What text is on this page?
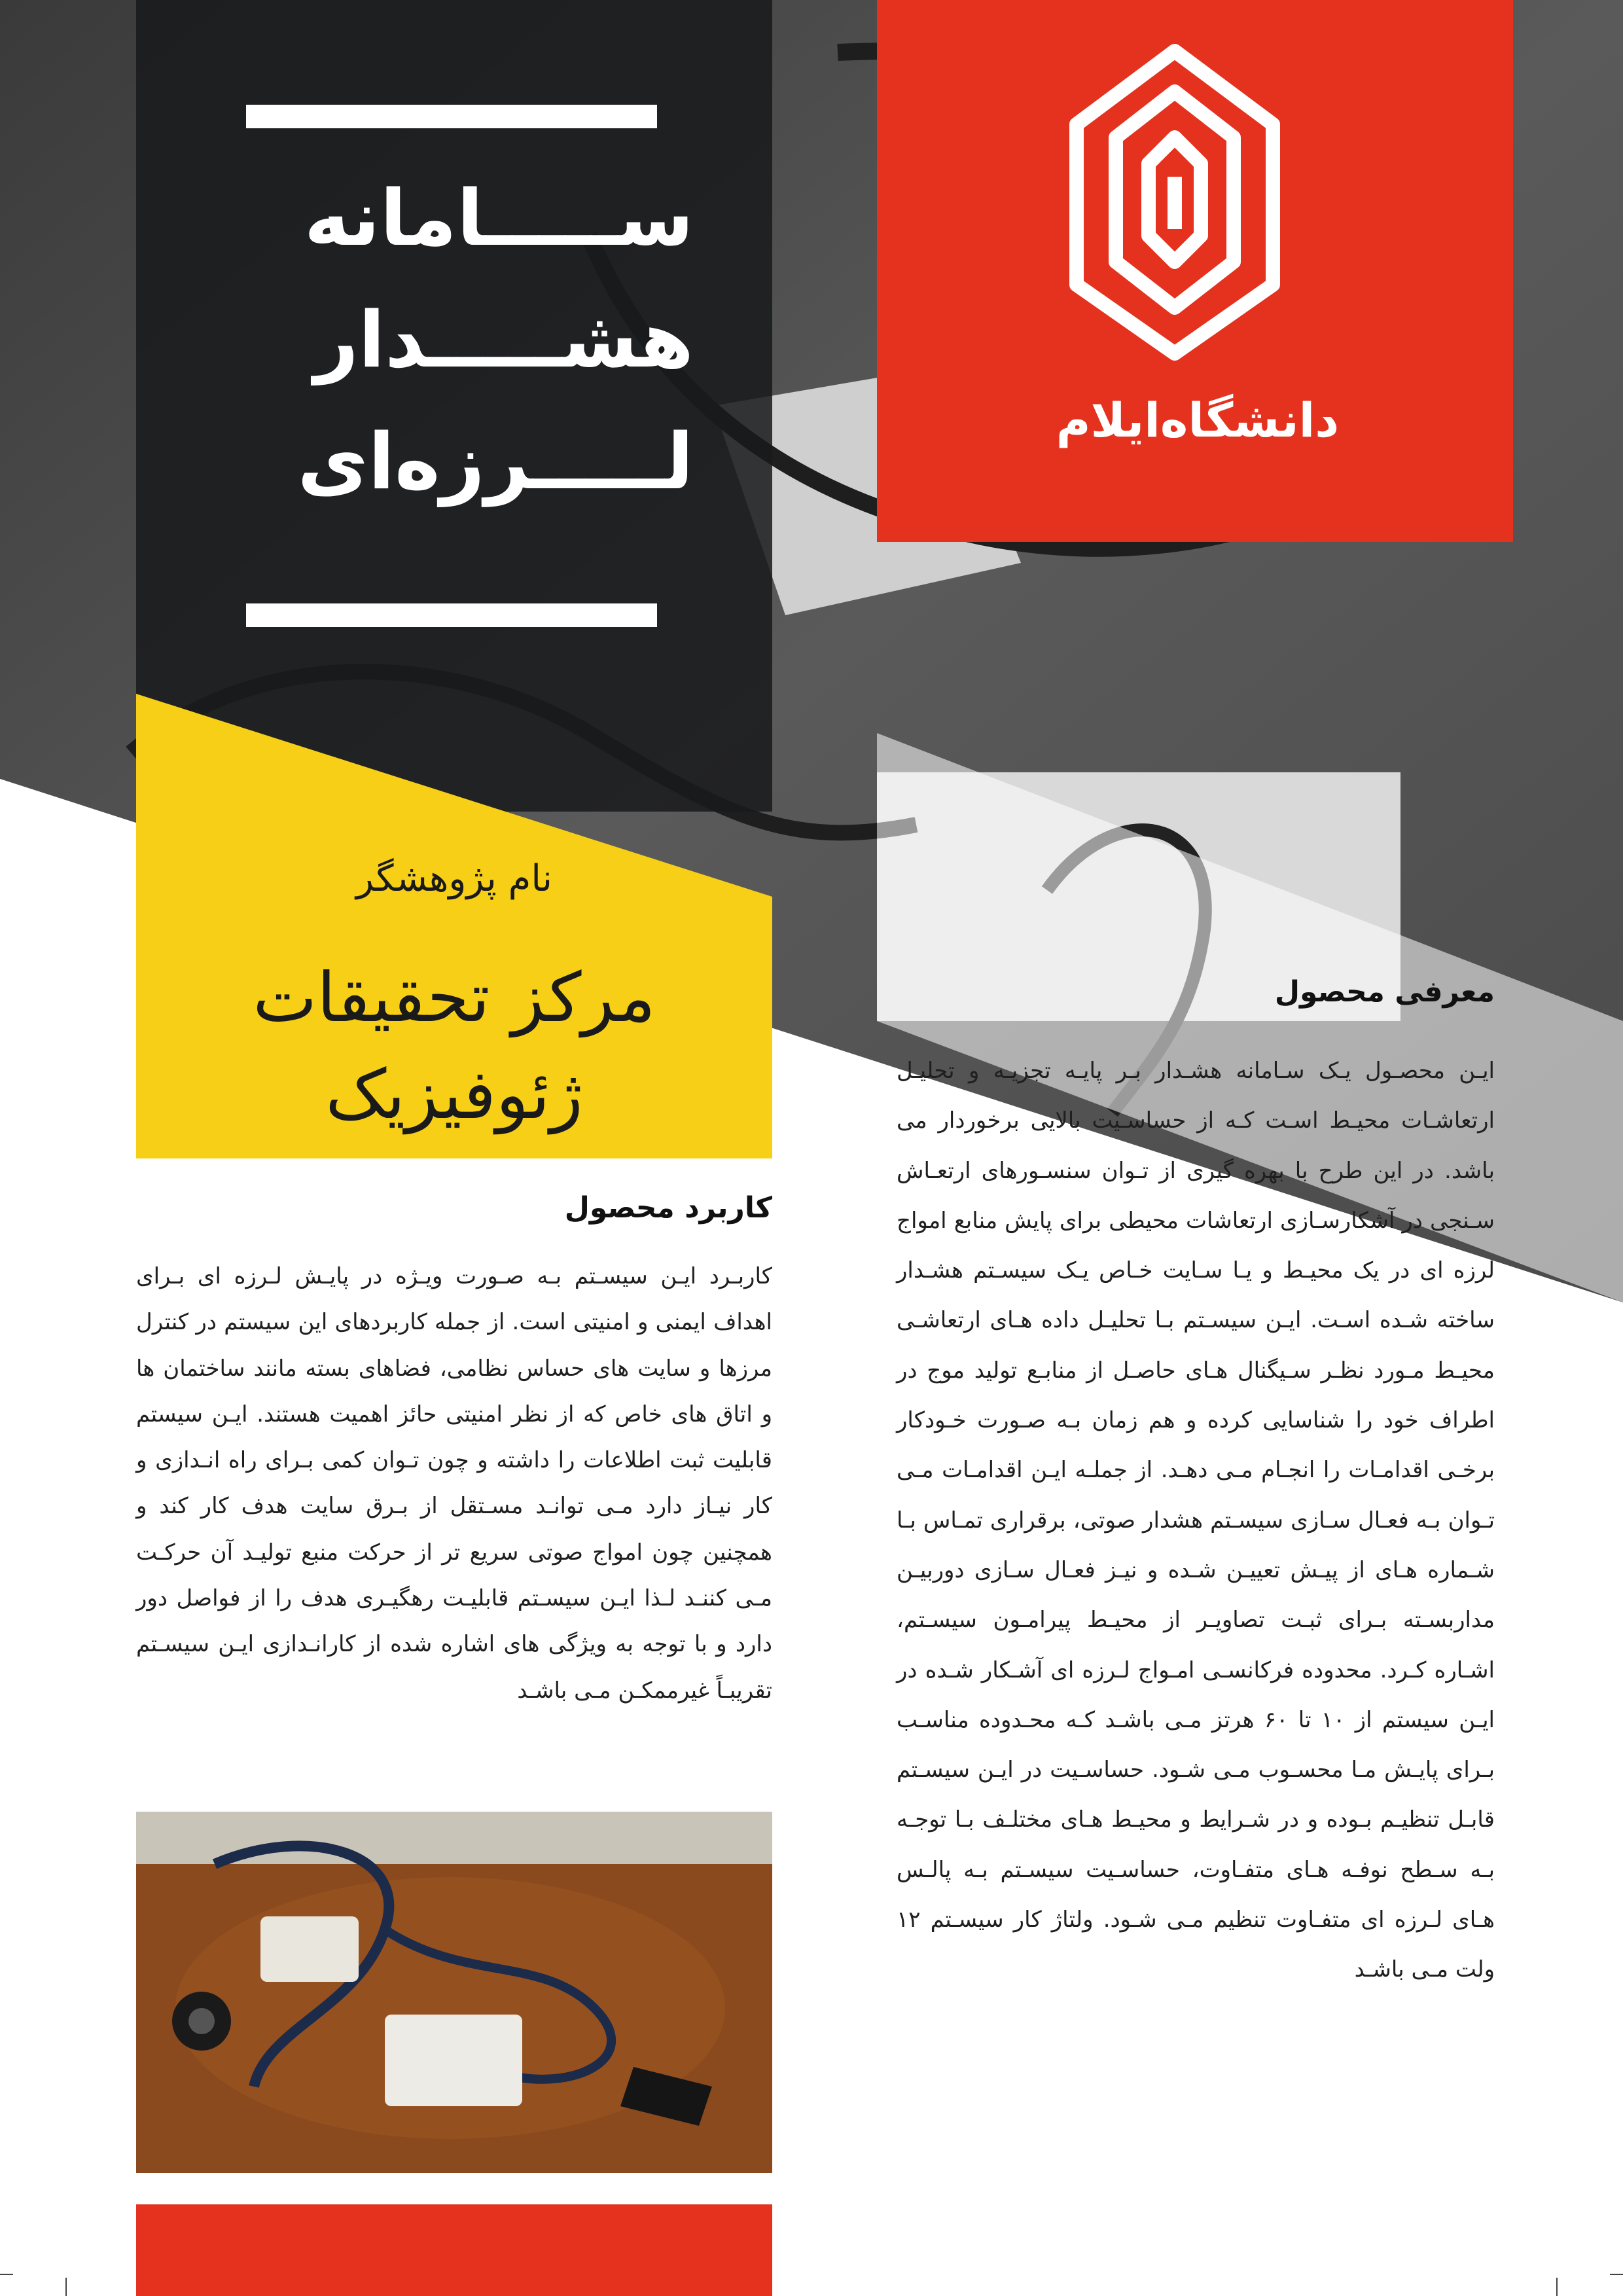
ســـــامانه
هشـــــدار
لـــــرزه‌ای	دانشگاه‌ایلام
نام پژوهشگر
مرکز تحقیقات
ژئوفیزیک
کاربرد محصول
کاربـرد ایـن سیسـتم بـه صـورت ویـژه در پایـش لـرزه ای بـرای اهداف ایمنی و امنیتی است. از جمله کاربردهای این سیستم در کنترل مرزها و سایت های حساس نظامی، فضاهای بسته مانند ساختمان ها و اتاق های خاص که از نظر امنیتی حائز اهمیت هستند. ایـن سیستم قابلیت ثبت اطلاعات را داشته و چون تـوان کمی بـرای راه انـدازی و کار نیـاز دارد مـی توانـد مسـتقل از بـرق سایت هدف کار کند و همچنین چون امواج صوتی سریع تر از حرکت منبع تولیـد آن حرکـت مـی کننـد لـذا ایـن سیسـتم قابلیـت رهگیـری هدف را از فواصل دور دارد و با توجه به ویژگی های اشاره شده از کارانـدازی ایـن سیسـتم تقریبـاً غیرممکـن مـی باشـد
معرفی محصول
ایـن محصـول یـک سـامانه هشـدار بـر پایـه تجزیـه و تحلیـل ارتعاشـات محیـط اسـت کـه از حساسـیت بالایی برخوردار می باشد. در این طرح با بهره گیری از تـوان سنسـورهای ارتعـاش سـنجی در آشکارسـازی ارتعاشات محیطی برای پایش منابع امواج لرزه ای در یک محیـط و یـا سـایت خـاص یـک سیسـتم هشـدار ساخته شـده اسـت. ایـن سیسـتم بـا تحلیـل داده هـای ارتعاشـی محیـط مـورد نظـر سـیگنال هـای حاصـل از منابـع تولید موج در اطراف خود را شناسایی کرده و هم زمان بـه صـورت خـودکار برخـی اقدامـات را انجـام مـی دهـد. از جملـه ایـن اقدامـات مـی تـوان بـه فعـال سـازی سیسـتم هشدار صوتی، برقراری تمـاس بـا شـماره هـای از پیـش تعییـن شـده و نیـز فعـال سـازی دوربیـن مداربسـته بـرای ثبـت تصاویـر از محیـط پیرامـون سیسـتم، اشـاره کـرد. محدوده فرکانسـی امـواج لـرزه ای آشـکار شـده در ایـن سیستم از ۱۰ تا ۶۰ هرتز مـی باشـد کـه محـدوده مناسـب بـرای پایـش مـا محسـوب مـی شـود. حساسـیت در ایـن سیسـتم قابـل تنظیـم بـوده و در شـرایط و محیـط هـای مختلـف بـا توجـه بـه سـطح نوفـه هـای متفـاوت، حساسـیت سیسـتم بـه پالـس هـای لـرزه ای متفـاوت تنظیم مـی شـود. ولتاژ کار سیسـتم ۱۲ ولت مـی باشـد
